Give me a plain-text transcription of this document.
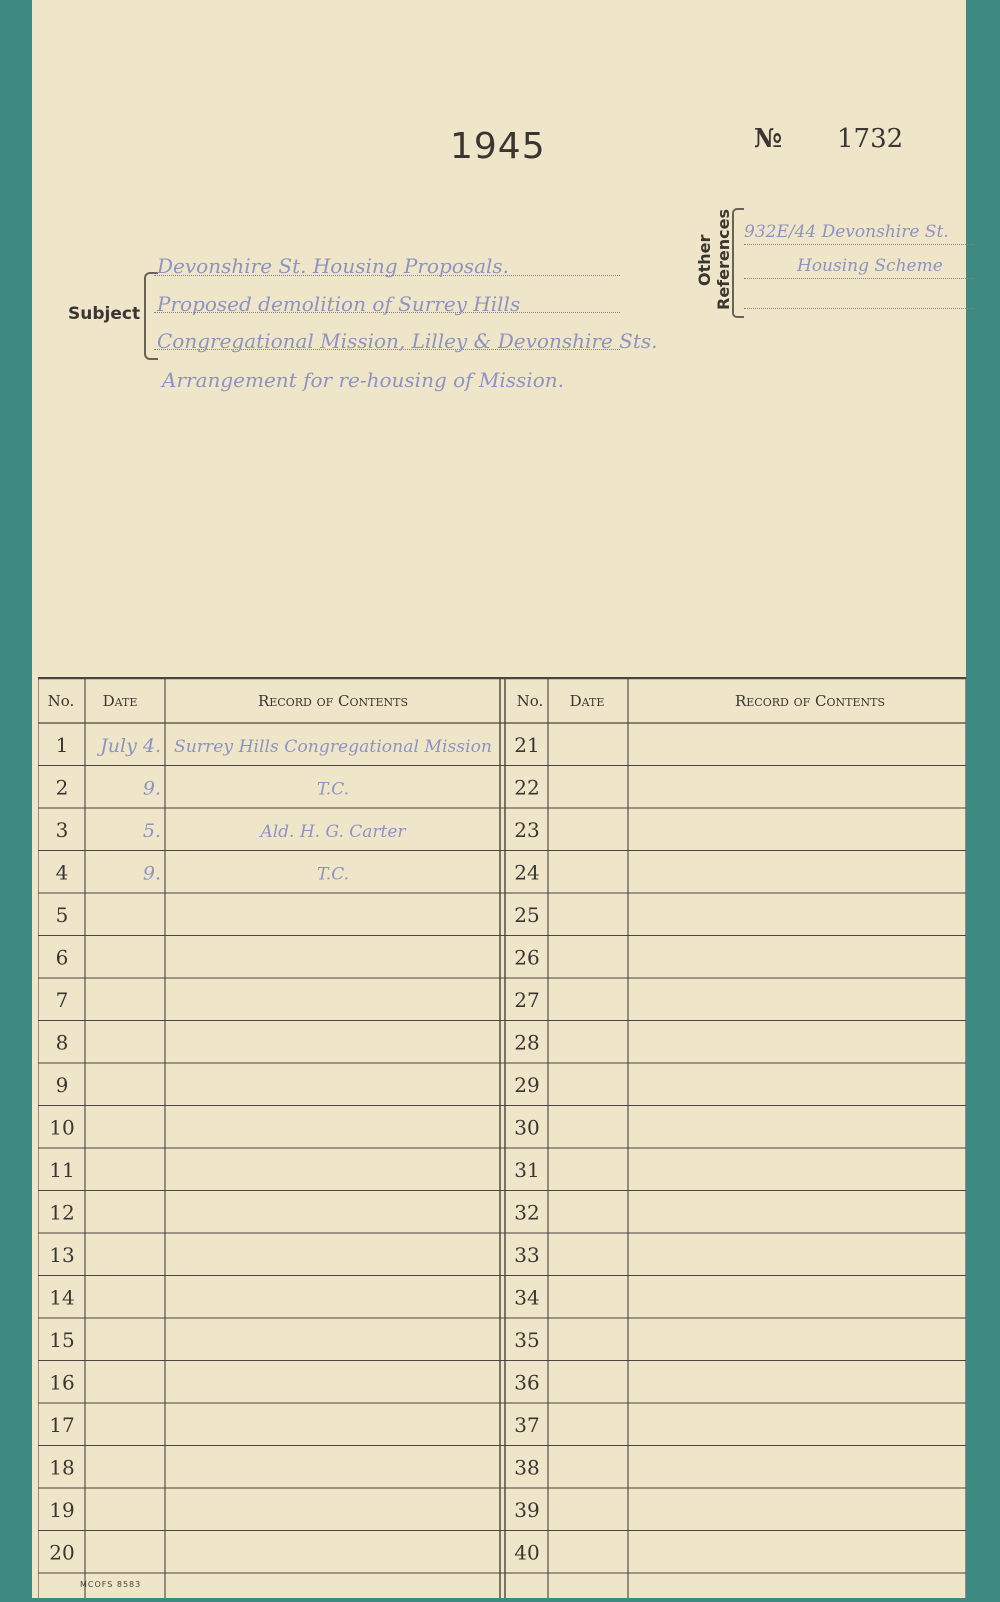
1945	№ 1732
Subject
Devonshire St. Housing Proposals.
Proposed demolition of Surrey Hills
Congregational Mission, Lilley & Devonshire Sts.
Arrangement for re-housing of Mission.
Other References 932E/44 Devonshire St.
Housing Scheme
No. Date	Record of Contents	No. Date	Record of Contents
1 July 4. Surrey Hills Congregational Mission
2	9.	T.C.
3	5.	Ald. H. G. Carter
4	9.	T.C.
5
6
7
8
9
10
11
12
13
14
15
16
17
18
19
20
21
22
23
24
25
26
27
28
29
30
31
32
33
34
35
36
37
38
39
40
MCOFS 8583
